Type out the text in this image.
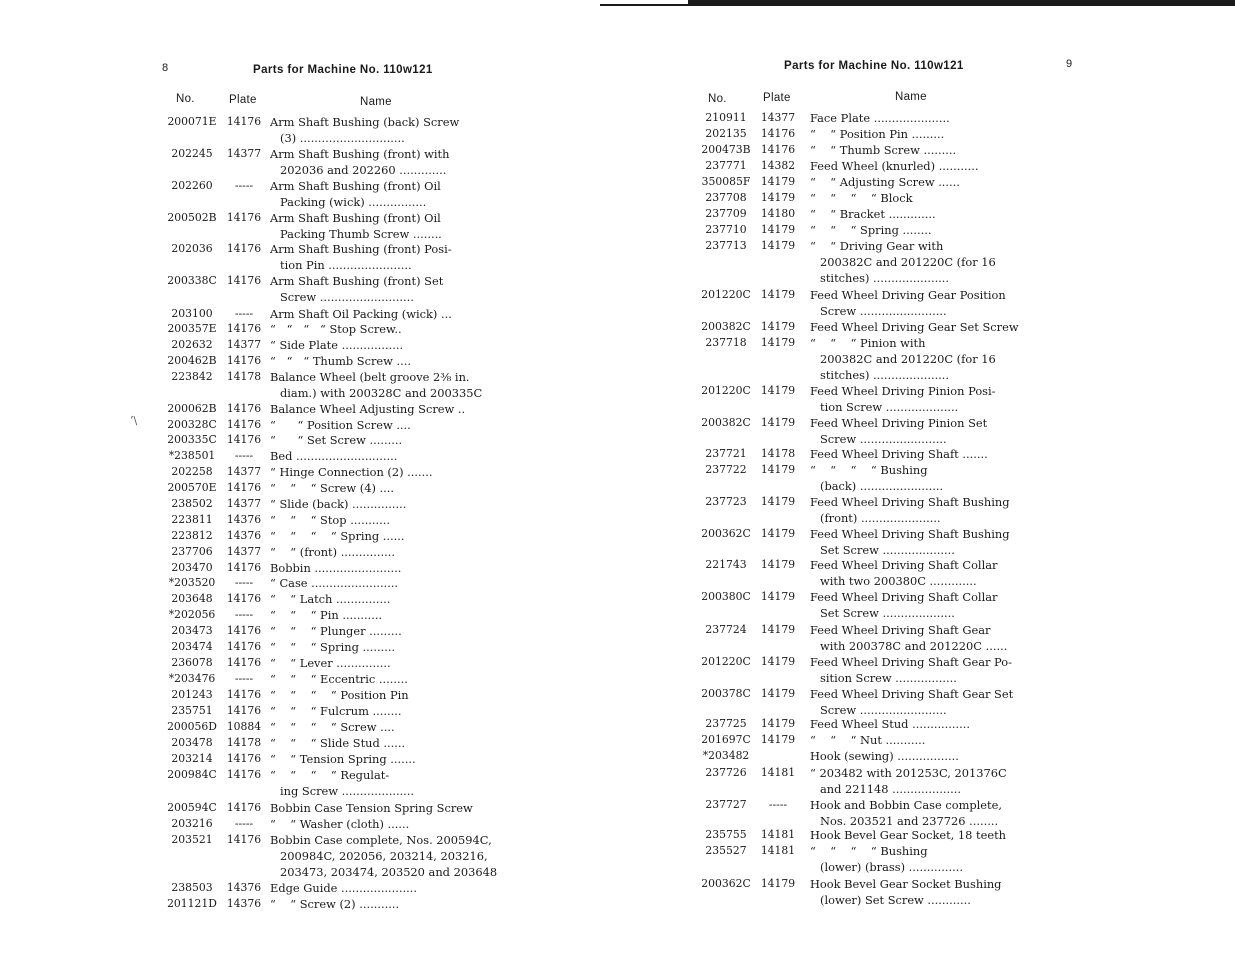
8	Parts for Machine No. 110w121
No.	Plate	Name
200071E 14176 Arm Shaft Bushing (back) Screw
(3) .............................
202245	14377 Arm Shaft Bushing (front) with
202036 and 202260 .............
202260	-----	Arm Shaft Bushing (front) Oil
Packing (wick) ................
200502B 14176 Arm Shaft Bushing (front) Oil
Packing Thumb Screw ........
202036	14176 Arm Shaft Bushing (front) Posi-
tion Pin .......................
200338C 14176 Arm Shaft Bushing (front) Set
Screw ..........................
203100	-----	Arm Shaft Oil Packing (wick) ...
200357E 14176 “   “   “   “ Stop Screw..
202632	14377 “ Side Plate .................
200462B 14176 “   “   “ Thumb Screw ....
223842	14178 Balance Wheel (belt groove 2⅜ in.
diam.) with 200328C and 200335C
200062B 14176 Balance Wheel Adjusting Screw ..
200328C 14176 “      “ Position Screw ....
200335C 14176 “      “ Set Screw .........
*238501	-----	Bed ............................
202258	14377 “ Hinge Connection (2) .......
200570E 14176 “    “    “ Screw (4) ....
238502	14377 “ Slide (back) ...............
223811	14376 “    “    “ Stop ...........
223812	14376 “    “    “    “ Spring ......
237706	14377 “    “ (front) ...............
203470	14176 Bobbin ........................
*203520	-----	“ Case ........................
203648	14176 “    “ Latch ...............
*202056	-----	“    “    “ Pin ...........
203473	14176 “    “    “ Plunger .........
203474	14176 “    “    “ Spring .........
236078	14176 “    “ Lever ...............
*203476	-----	“    “    “ Eccentric ........
201243	14176 “    “    “    “ Position Pin
235751	14176 “    “    “ Fulcrum ........
200056D 10884 “    “    “    “ Screw ....
203478	14178 “    “    “ Slide Stud ......
203214	14176 “    “ Tension Spring .......
200984C 14176 “    “    “    “ Regulat-
ing Screw ....................
200594C 14176 Bobbin Case Tension Spring Screw
203216	-----	“    “ Washer (cloth) ......
203521	14176 Bobbin Case complete, Nos. 200594C,
200984C, 202056, 203214, 203216,
203473, 203474, 203520 and 203648
238503	14376 Edge Guide .....................
201121D 14376 “    “ Screw (2) ...........
‘\
9
Parts for Machine No. 110w121
No.	Plate	Name
210911	14377 Face Plate .....................
202135	14176 “    “ Position Pin .........
200473B 14176 “    “ Thumb Screw .........
237771	14382 Feed Wheel (knurled) ...........
350085F 14179 “    “ Adjusting Screw ......
237708	14179 “    “    “    “ Block
237709	14180 “    “ Bracket .............
237710	14179 “    “    “ Spring ........
237713	14179 “    “ Driving Gear with
200382C and 201220C (for 16
stitches) .....................
201220C 14179 Feed Wheel Driving Gear Position
Screw ........................
200382C 14179 Feed Wheel Driving Gear Set Screw
237718	14179 “    “    “ Pinion with
200382C and 201220C (for 16
stitches) .....................
201220C 14179 Feed Wheel Driving Pinion Posi-
tion Screw ....................
200382C 14179 Feed Wheel Driving Pinion Set
Screw ........................
237721	14178 Feed Wheel Driving Shaft .......
237722	14179 “    “    “    “ Bushing
(back) .......................
237723	14179 Feed Wheel Driving Shaft Bushing
(front) ......................
200362C 14179 Feed Wheel Driving Shaft Bushing
Set Screw ....................
221743	14179 Feed Wheel Driving Shaft Collar
with two 200380C .............
200380C 14179 Feed Wheel Driving Shaft Collar
Set Screw ....................
237724	14179 Feed Wheel Driving Shaft Gear
with 200378C and 201220C ......
201220C 14179 Feed Wheel Driving Shaft Gear Po-
sition Screw .................
200378C 14179 Feed Wheel Driving Shaft Gear Set
Screw ........................
237725	14179 Feed Wheel Stud ................
201697C 14179 “    “    “ Nut ...........
*203482	Hook (sewing) .................
237726	14181 “ 203482 with 201253C, 201376C
and 221148 ...................
237727	-----	Hook and Bobbin Case complete,
Nos. 203521 and 237726 ........
235755	14181 Hook Bevel Gear Socket, 18 teeth
235527	14181 “    “    “    “ Bushing
(lower) (brass) ...............
200362C 14179 Hook Bevel Gear Socket Bushing
(lower) Set Screw ............
